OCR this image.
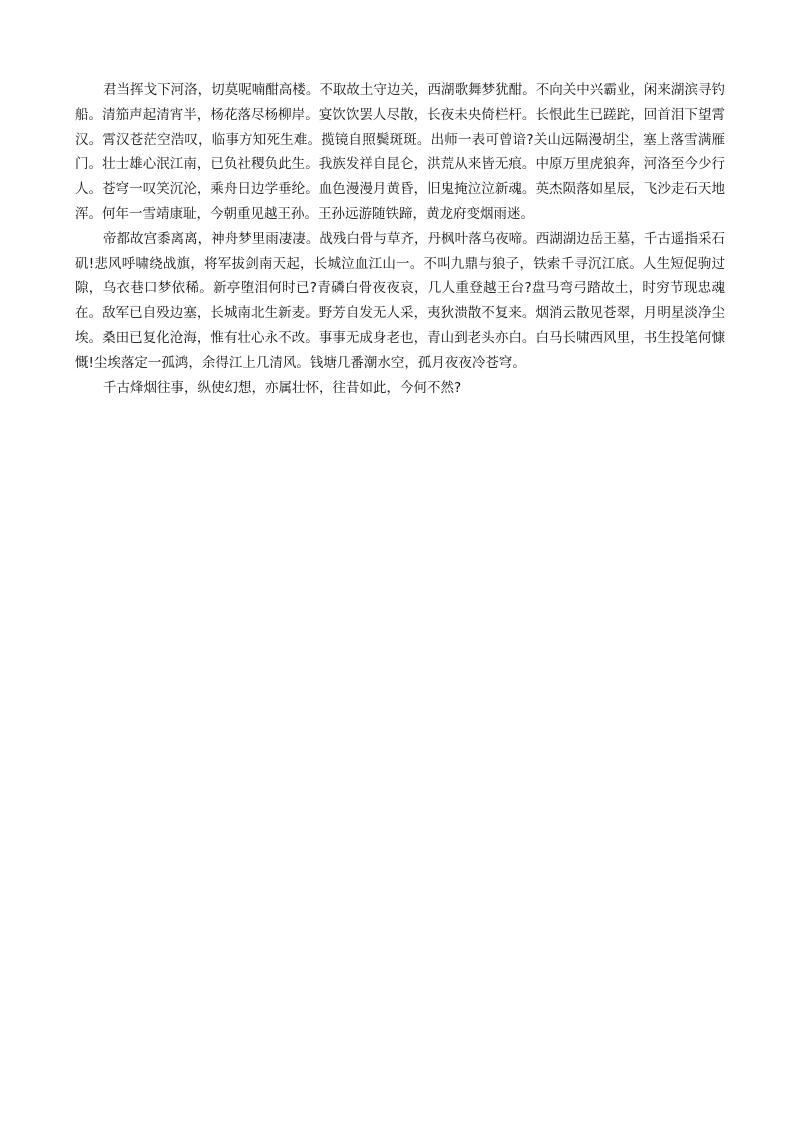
君当挥戈下河洛，切莫呢喃酣高楼。不取故土守边关，西湖歌舞梦犹酣。不向关中兴霸业，闲来湖滨寻钓船。清笳声起清宵半，杨花落尽杨柳岸。宴饮饮罢人尽散，长夜未央倚栏杆。长恨此生已蹉跎，回首泪下望霄汉。霄汉苍茫空浩叹，临事方知死生难。揽镜自照鬓斑斑。出师一表可曾谙?关山远隔漫胡尘，塞上落雪满雁门。壮士雄心泯江南，已负社稷负此生。我族发祥自昆仑，洪荒从来皆无痕。中原万里虎狼奔，河洛至今少行人。苍穹一叹笑沉沦，乘舟日边学垂纶。血色漫漫月黄昏，旧鬼掩泣泣新魂。英杰陨落如星辰，飞沙走石天地浑。何年一雪靖康耻，今朝重见越王孙。王孙远游随铁蹄，黄龙府变烟雨迷。

帝都故宫黍离离，神舟梦里雨凄凄。战残白骨与草齐，丹枫叶落乌夜啼。西湖湖边岳王墓，千古遥指采石矶!悲风呼啸绕战旗，将军拔剑南天起，长城泣血江山一。不叫九鼎与狼子，铁索千寻沉江底。人生短促驹过隙，乌衣巷口梦依稀。新亭堕泪何时已?青磷白骨夜夜哀，几人重登越王台?盘马弯弓踏故土，时穷节现忠魂在。敌军已自殁边塞，长城南北生新麦。野芳自发无人采，夷狄溃散不复来。烟消云散见苍翠，月明星淡净尘埃。桑田已复化沧海，惟有壮心永不改。事事无成身老也，青山到老头亦白。白马长啸西风里，书生投笔何慷慨!尘埃落定一孤鸿，余得江上几清风。钱塘几番潮水空，孤月夜夜冷苍穹。

千古烽烟往事，纵使幻想，亦属壮怀，往昔如此，今何不然?
